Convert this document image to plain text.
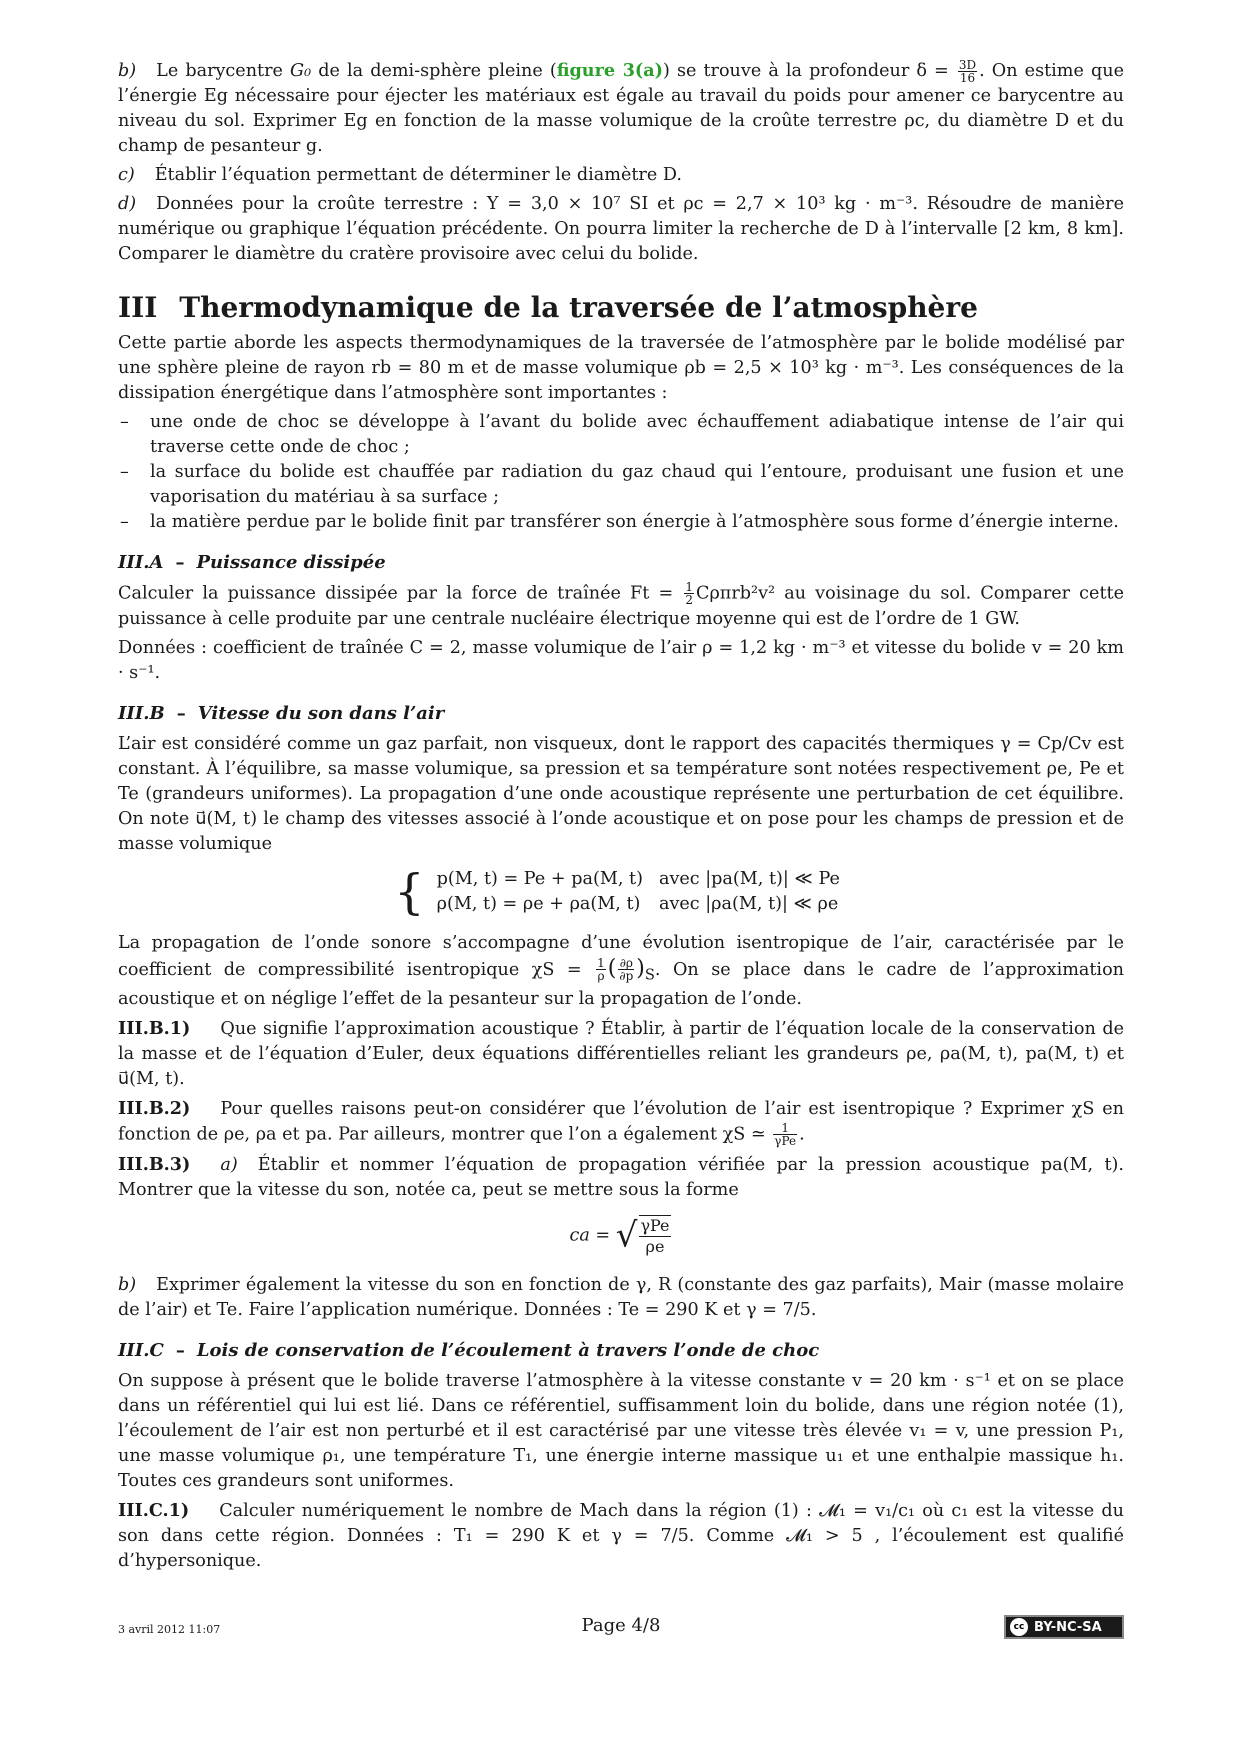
b) Le barycentre G₀ de la demi-sphère pleine (figure 3(a)) se trouve à la profondeur $\delta = \frac{3D}{16}$ . On estime que l’énergie Eg nécessaire pour éjecter les matériaux est égale au travail du poids pour amener ce barycentre au niveau du sol. Exprimer Eg en fonction de la masse volumique de la croûte terrestre ρc, du diamètre D et du champ de pesanteur g.

c) Établir l’équation permettant de déterminer le diamètre D.

d) Données pour la croûte terrestre : Y = 3,0 × 10⁷ SI et ρc = 2,7 × 10³ kg · m⁻³. Résoudre de manière numérique ou graphique l’équation précédente. On pourra limiter la recherche de D à l’intervalle [2 km, 8 km]. Comparer le diamètre du cratère provisoire avec celui du bolide.

III Thermodynamique de la traversée de l’atmosphère

Cette partie aborde les aspects thermodynamiques de la traversée de l’atmosphère par le bolide modélisé par une sphère pleine de rayon rb = 80 m et de masse volumique ρb = 2,5 × 10³ kg · m⁻³. Les conséquences de la dissipation énergétique dans l’atmosphère sont importantes :

– une onde de choc se développe à l’avant du bolide avec échauffement adiabatique intense de l’air qui traverse cette onde de choc ;
– la surface du bolide est chauffée par radiation du gaz chaud qui l’entoure, produisant une fusion et une vaporisation du matériau à sa surface ;
– la matière perdue par le bolide finit par transférer son énergie à l’atmosphère sous forme d’énergie interne.
III.A – Puissance dissipée

Calculer la puissance dissipée par la force de traînée $Ft = \frac{1}{2} C\rho\pi rb^2v^2$ au voisinage du sol. Comparer cette puissance à celle produite par une centrale nucléaire électrique moyenne qui est de l’ordre de 1 GW.

Données : coefficient de traînée C = 2, masse volumique de l’air ρ = 1,2 kg · m⁻³ et vitesse du bolide v = 20 km · s⁻¹.

III.B – Vitesse du son dans l’air

L’air est considéré comme un gaz parfait, non visqueux, dont le rapport des capacités thermiques γ = Cp/Cv est constant. À l’équilibre, sa masse volumique, sa pression et sa température sont notées respectivement ρe, Pe et Te (grandeurs uniformes). La propagation d’une onde acoustique représente une perturbation de cet équilibre. On note u⃗(M, t) le champ des vitesses associé à l’onde acoustique et on pose pour les champs de pression et de masse volumique

{ p(M, t) = Pe + pa(M, t)	avec |pa(M, t)| ≪ Pe
ρ(M, t) = ρe + ρa(M, t)	avec |ρa(M, t)| ≪ ρe

La propagation de l’onde sonore s’accompagne d’une évolution isentropique de l’air, caractérisée par le coefficient de compressibilité isentropique $\chi S = \frac{1}{\rho}$ ( $\frac{\partial\rho}{\partial p} )_S$. On se place dans le cadre de l’approximation acoustique et on néglige l’effet de la pesanteur sur la propagation de l’onde.

III.B.1) Que signifie l’approximation acoustique ? Établir, à partir de l’équation locale de la conservation de la masse et de l’équation d’Euler, deux équations différentielles reliant les grandeurs ρe, ρa(M, t), pa(M, t) et u⃗(M, t).

III.B.2) Pour quelles raisons peut-on considérer que l’évolution de l’air est isentropique ? Exprimer χS en fonction de ρe, ρa et pa. Par ailleurs, montrer que l’on a également χS ≃ $\frac{1}{\text{γPe}}$ .

III.B.3) a) Établir et nommer l’équation de propagation vérifiée par la pression acoustique pa(M, t). Montrer que la vitesse du son, notée ca, peut se mettre sous la forme

ca = √ $\frac{\text{γPe}}{\rho e}$

b) Exprimer également la vitesse du son en fonction de γ, R (constante des gaz parfaits), Mair (masse molaire de l’air) et Te. Faire l’application numérique. Données : Te = 290 K et γ = 7/5.

III.C – Lois de conservation de l’écoulement à travers l’onde de choc

On suppose à présent que le bolide traverse l’atmosphère à la vitesse constante v = 20 km · s⁻¹ et on se place dans un référentiel qui lui est lié. Dans ce référentiel, suffisamment loin du bolide, dans une région notée (1), l’écoulement de l’air est non perturbé et il est caractérisé par une vitesse très élevée v₁ = v, une pression P₁, une masse volumique ρ₁, une température T₁, une énergie interne massique u₁ et une enthalpie massique h₁. Toutes ces grandeurs sont uniformes.

III.C.1) Calculer numériquement le nombre de Mach dans la région (1) : 𝓜₁ = v₁/c₁ où c₁ est la vitesse du son dans cette région. Données : T₁ = 290 K et γ = 7/5. Comme 𝓜₁ > 5 , l’écoulement est qualifié d’hypersonique.

3 avril 2012 11:07	Page 4/8	cc BY-NC-SA
